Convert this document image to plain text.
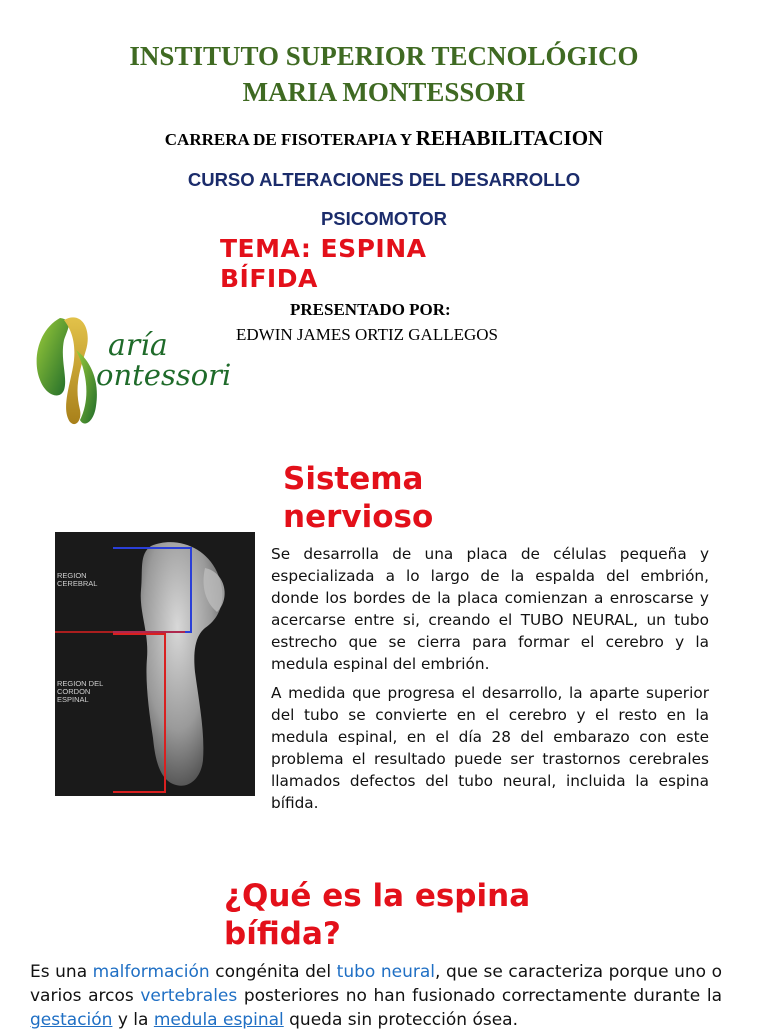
INSTITUTO SUPERIOR TECNOLÓGICO
MARIA MONTESSORI
CARRERA DE FISOTERAPIA Y REHABILITACION
CURSO ALTERACIONES DEL DESARROLLO
PSICOMOTOR
TEMA: ESPINA BÍFIDA
PRESENTADO POR:
EDWIN JAMES ORTIZ GALLEGOS
aría
ontessori
Sistema nervioso
REGION CEREBRAL
REGION DEL CORDON ESPINAL
Se desarrolla de una placa de células pequeña y especializada a lo largo de la espalda del embrión, donde los bordes de la placa comienzan a enroscarse y acercarse entre si, creando el TUBO NEURAL, un tubo estrecho que se cierra para formar el cerebro y la medula espinal del embrión.
A medida que progresa el desarrollo, la aparte superior del tubo se convierte en el cerebro y el resto en la medula espinal, en el día 28 del embarazo con este problema el resultado puede ser trastornos cerebrales llamados defectos del tubo neural, incluida la espina bífida.
¿Qué es la espina bífida?
Es una malformación congénita del tubo neural, que se caracteriza porque uno o varios arcos vertebrales posteriores no han fusionado correctamente durante la gestación y la medula espinal queda sin protección ósea.
